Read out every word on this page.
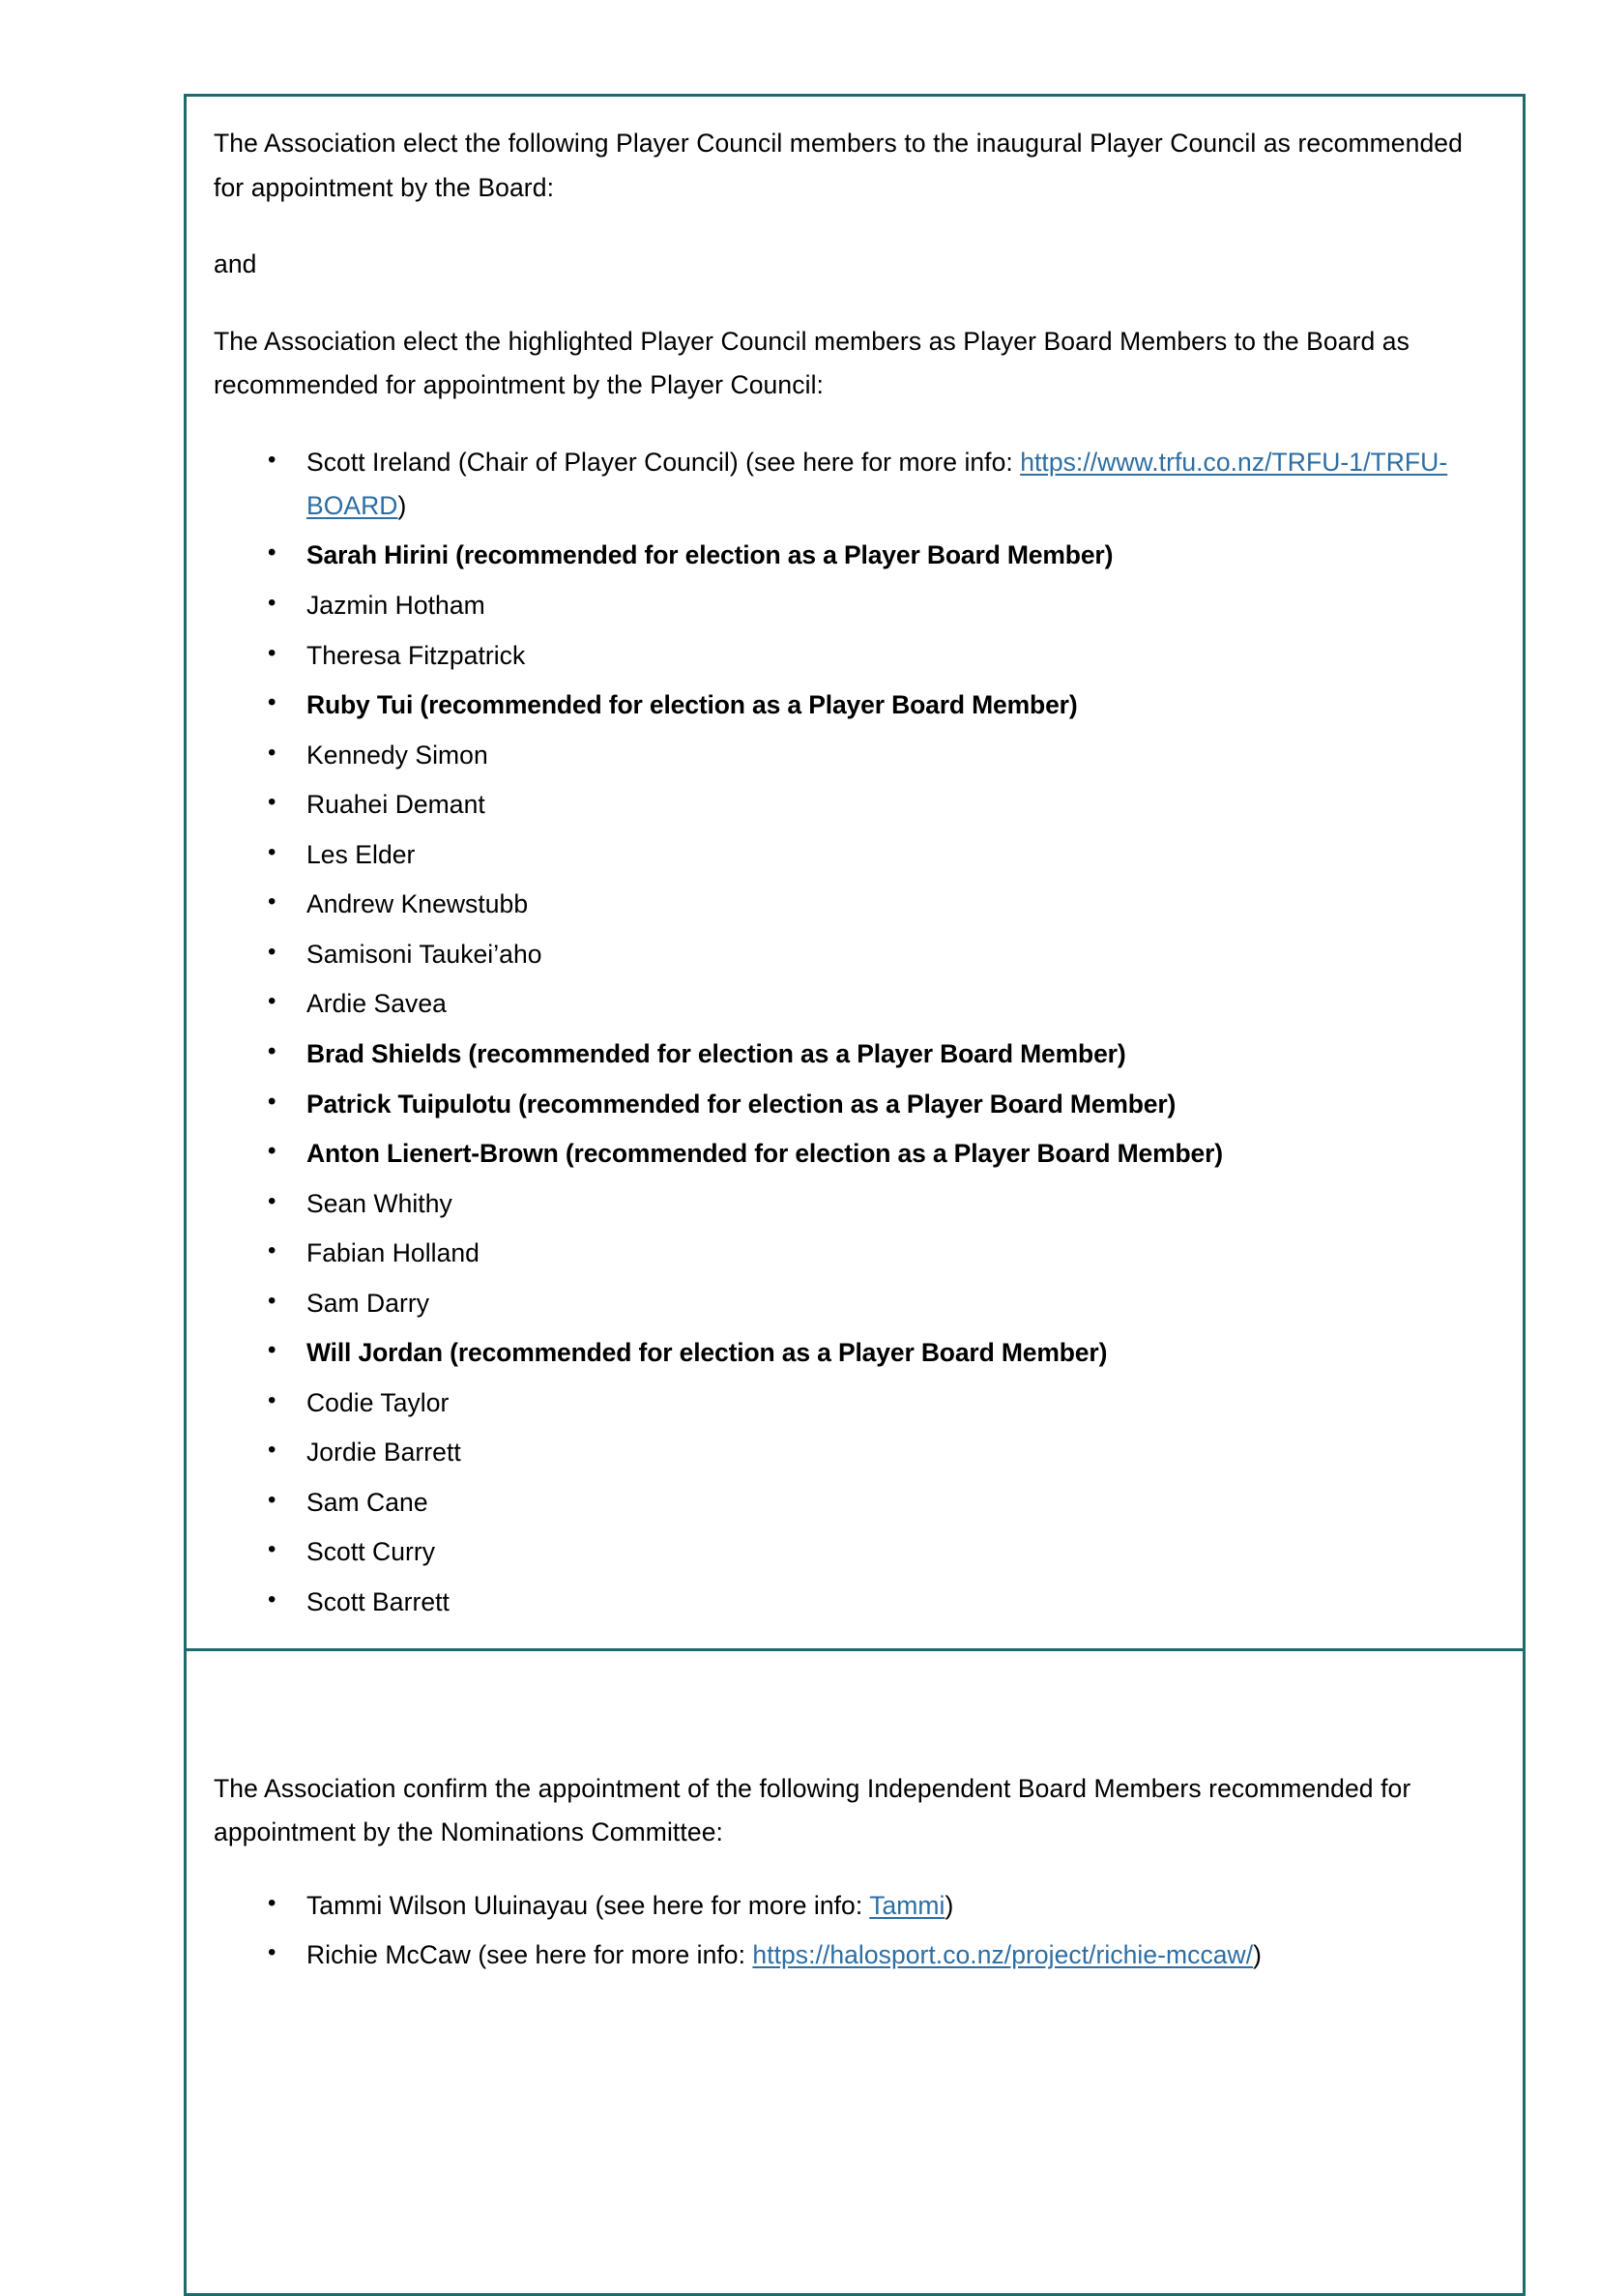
The Association elect the following Player Council members to the inaugural Player Council as recommended for appointment by the Board:

and

The Association elect the highlighted Player Council members as Player Board Members to the Board as recommended for appointment by the Player Council:

• Scott Ireland (Chair of Player Council) (see here for more info: https://www.trfu.co.nz/TRFU-1/TRFU-BOARD)
• Sarah Hirini (recommended for election as a Player Board Member)
• Jazmin Hotham
• Theresa Fitzpatrick
• Ruby Tui (recommended for election as a Player Board Member)
• Kennedy Simon
• Ruahei Demant
• Les Elder
• Andrew Knewstubb
• Samisoni Taukei’aho
• Ardie Savea
• Brad Shields (recommended for election as a Player Board Member)
• Patrick Tuipulotu (recommended for election as a Player Board Member)
• Anton Lienert-Brown (recommended for election as a Player Board Member)
• Sean Whithy
• Fabian Holland
• Sam Darry
• Will Jordan (recommended for election as a Player Board Member)
• Codie Taylor
• Jordie Barrett
• Sam Cane
• Scott Curry
• Scott Barrett

The Association confirm the appointment of the following Independent Board Members recommended for appointment by the Nominations Committee:

• Tammi Wilson Uluinayau (see here for more info: Tammi)
• Richie McCaw (see here for more info: https://halosport.co.nz/project/richie-mccaw/)
